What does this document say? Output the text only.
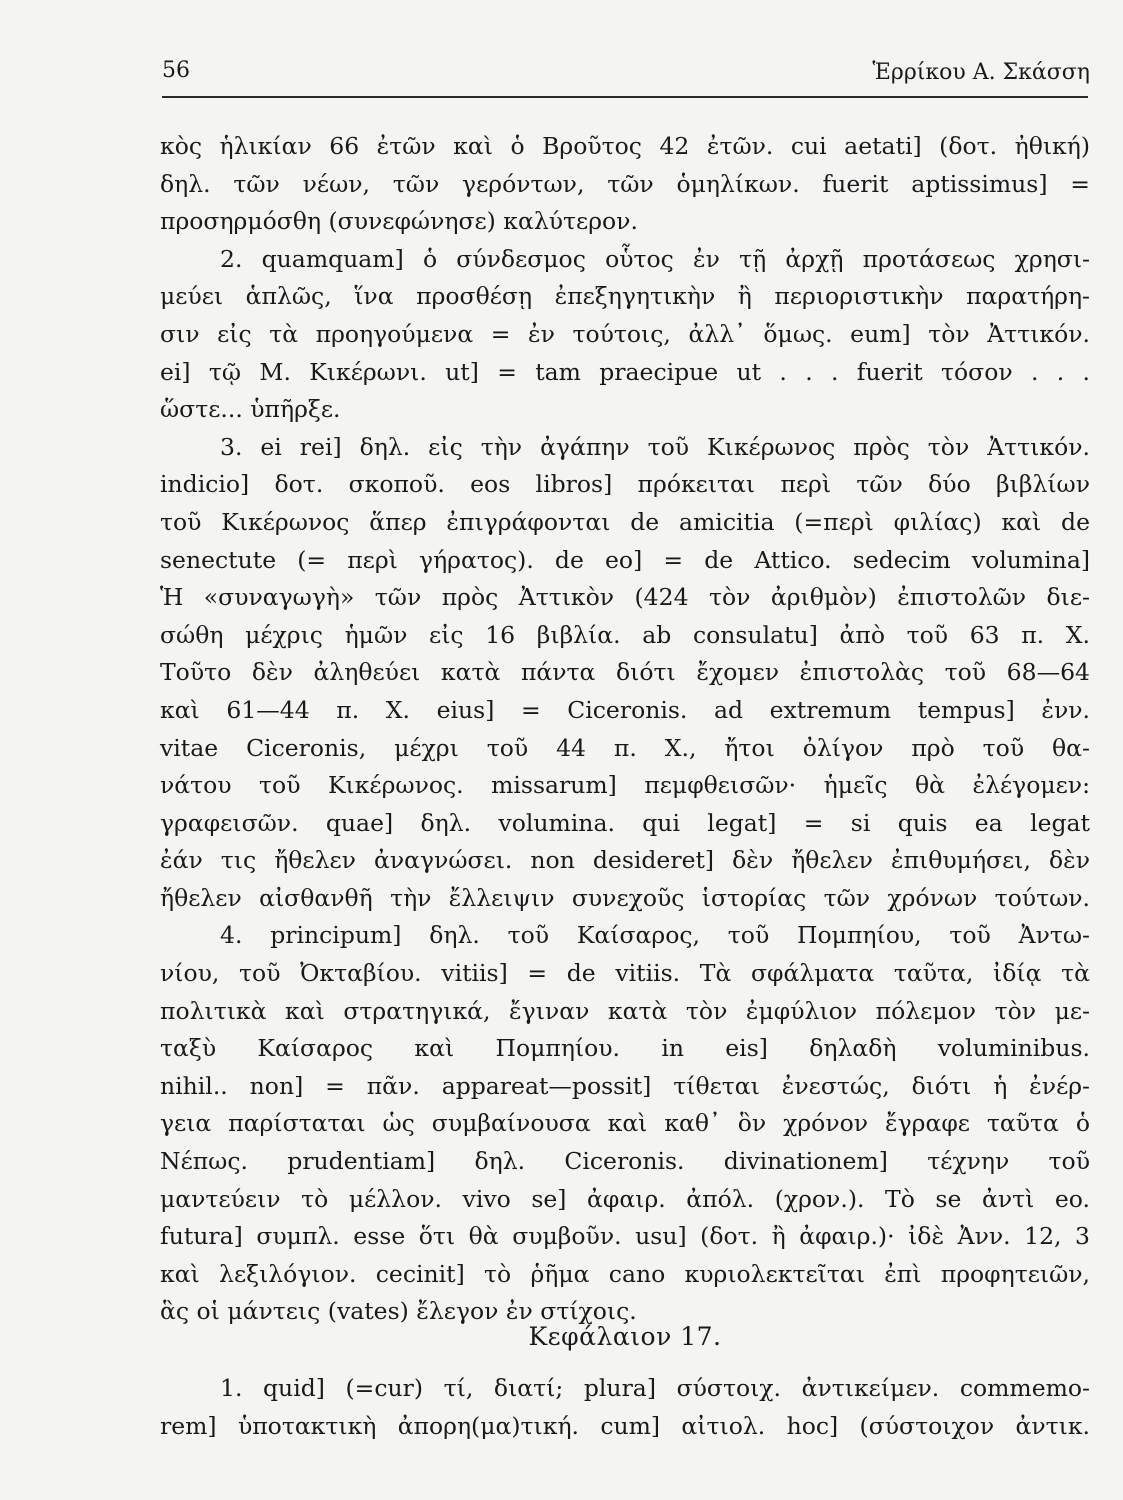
56	Ἑρρίκου Α. Σκάσση
κὸς ἡλικίαν 66 ἐτῶν καὶ ὁ Βροῦτος 42 ἐτῶν. cui aetati] (δοτ. ἠθική)
δηλ. τῶν νέων, τῶν γερόντων, τῶν ὁμηλίκων. fuerit aptissimus] =
προσηρμόσθη (συνεφώνησε) καλύτερον.
2. quamquam] ὁ σύνδεσμος οὗτος ἐν τῇ ἀρχῇ προτάσεως χρησι-
μεύει ἁπλῶς, ἵνα προσθέσῃ ἐπεξηγητικὴν ἢ περιοριστικὴν παρατήρη-
σιν εἰς τὰ προηγούμενα = ἐν τούτοις, ἀλλ᾽ ὅμως. eum] τὸν Ἀττικόν.
ei] τῷ Μ. Κικέρωνι. ut] = tam praecipue ut . . . fuerit τόσον . . .
ὥστε... ὑπῆρξε.
3. ei rei] δηλ. εἰς τὴν ἀγάπην τοῦ Κικέρωνος πρὸς τὸν Ἀττικόν.
indicio] δοτ. σκοποῦ. eos libros] πρόκειται περὶ τῶν δύο βιβλίων
τοῦ Κικέρωνος ἅπερ ἐπιγράφονται de amicitia (=περὶ φιλίας) καὶ de
senectute (= περὶ γήρατος). de eo] = de Attico. sedecim volumina]
Ἡ «συναγωγὴ» τῶν πρὸς Ἀττικὸν (424 τὸν ἀριθμὸν) ἐπιστολῶν διε-
σώθη μέχρις ἡμῶν εἰς 16 βιβλία. ab consulatu] ἀπὸ τοῦ 63 π. Χ.
Τοῦτο δὲν ἀληθεύει κατὰ πάντα διότι ἔχομεν ἐπιστολὰς τοῦ 68—64
καὶ 61—44 π. Χ. eius] = Ciceronis. ad extremum tempus] ἐνν.
vitae Ciceronis, μέχρι τοῦ 44 π. Χ., ἤτοι ὀλίγον πρὸ τοῦ θα-
νάτου τοῦ Κικέρωνος. missarum] πεμφθεισῶν· ἡμεῖς θὰ ἐλέγομεν:
γραφεισῶν. quae] δηλ. volumina. qui legat] = si quis ea legat
ἐάν τις ἤθελεν ἀναγνώσει. non desideret] δὲν ἤθελεν ἐπιθυμήσει, δὲν
ἤθελεν αἰσθανθῆ τὴν ἔλλειψιν συνεχοῦς ἱστορίας τῶν χρόνων τούτων.
4. principum] δηλ. τοῦ Καίσαρος, τοῦ Πομπηίου, τοῦ Ἀντω-
νίου, τοῦ Ὀκταβίου. vitiis] = de vitiis. Τὰ σφάλματα ταῦτα, ἰδίᾳ τὰ
πολιτικὰ καὶ στρατηγικά, ἔγιναν κατὰ τὸν ἐμφύλιον πόλεμον τὸν με-
ταξὺ Καίσαρος καὶ Πομπηίου. in eis] δηλαδὴ voluminibus.
nihil.. non] = πᾶν. appareat—possit] τίθεται ἐνεστώς, διότι ἡ ἐνέρ-
γεια παρίσταται ὡς συμβαίνουσα καὶ καθ᾽ ὃν χρόνον ἔγραφε ταῦτα ὁ
Νέπως. prudentiam] δηλ. Ciceronis. divinationem] τέχνην τοῦ
μαντεύειν τὸ μέλλον. vivo se] ἀφαιρ. ἀπόλ. (χρον.). Τὸ se ἀντὶ eo.
futura] συμπλ. esse ὅτι θὰ συμβοῦν. usu] (δοτ. ἢ ἀφαιρ.)· ἰδὲ Ἀνν. 12, 3
καὶ λεξιλόγιον. cecinit] τὸ ῥῆμα cano κυριολεκτεῖται ἐπὶ προφητειῶν,
ἃς οἱ μάντεις (vates) ἔλεγον ἐν στίχοις.
Κεφάλαιον 17.
1. quid] (=cur) τί, διατί; plura] σύστοιχ. ἀντικείμεν. commemo-
rem] ὑποτακτικὴ ἀπορη(μα)τική. cum] αἰτιολ. hoc] (σύστοιχον ἀντικ.
